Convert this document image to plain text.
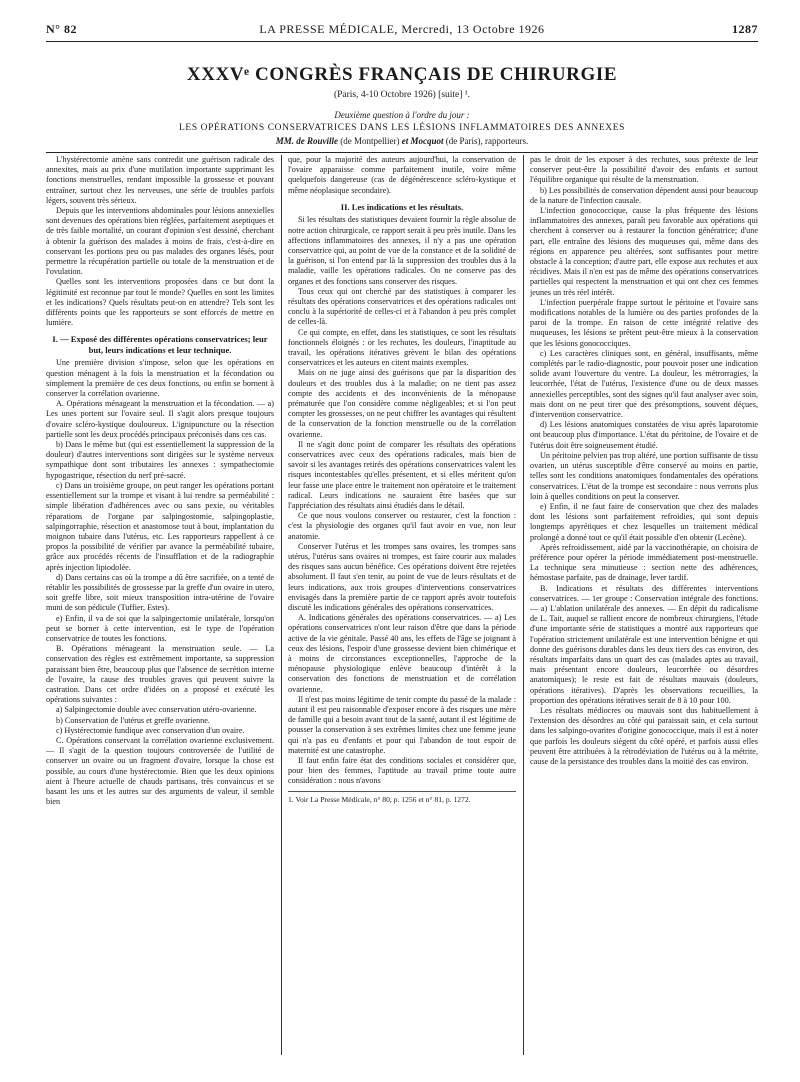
N° 82	LA PRESSE MÉDICALE, Mercredi, 13 Octobre 1926	1287
XXXVᵉ CONGRÈS FRANÇAIS DE CHIRURGIE
(Paris, 4-10 Octobre 1926) [suite] ¹.
Deuxième question à l'ordre du jour :
LES OPÉRATIONS CONSERVATRICES DANS LES LÉSIONS INFLAMMATOIRES DES ANNEXES
MM. de Rouville (de Montpellier) et Mocquot (de Paris), rapporteurs.

L'hystérectomie amène sans contredit une guérison radicale des annexites, mais au prix d'une mutilation importante supprimant les fonctions menstruelles, rendant impossible la grossesse et pouvant entraîner, surtout chez les nerveuses, une série de troubles parfois légers, souvent très sérieux.

Depuis que les interventions abdominales pour lésions annexielles sont devenues des opérations bien réglées, parfaitement aseptiques et de très faible mortalité, un courant d'opinion s'est dessiné, cherchant à obtenir la guérison des malades à moins de frais, c'est-à-dire en conservant les portions peu ou pas malades des organes lésés, pour permettre la récupération partielle ou totale de la menstruation et de l'ovulation.

Quelles sont les interventions proposées dans ce but dont la légitimité est reconnue par tout le monde? Quelles en sont les limites et les indications? Quels résultats peut-on en attendre? Tels sont les différents points que les rapporteurs se sont efforcés de mettre en lumière.

I. — Exposé des différentes opérations conservatrices; leur but, leurs indications et leur technique.

Une première division s'impose, selon que les opérations en question ménagent à la fois la menstruation et la fécondation ou simplement la première de ces deux fonctions, ou enfin se bornent à conserver la corrélation ovarienne.

A. Opérations ménageant la menstruation et la fécondation. — a) Les unes portent sur l'ovaire seul. Il s'agit alors presque toujours d'ovaire scléro-kystique douloureux. L'ignipuncture ou la résection partielle sont les deux procédés principaux préconisés dans ces cas.

b) Dans le même but (qui est essentiellement la suppression de la douleur) d'autres interventions sont dirigées sur le système nerveux sympathique dont sont tributaires les annexes : sympathectomie hypogastrique, résection du nerf pré-sacré.

c) Dans un troisième groupe, on peut ranger les opérations portant essentiellement sur la trompe et visant à lui rendre sa perméabilité : simple libération d'adhérences avec ou sans pexie, ou véritables réparations de l'organe par salpingostomie, salpingoplastie, salpingorraphie, résection et anastomose tout à bout, implantation du moignon tubaire dans l'utérus, etc. Les rapporteurs rappellent à ce propos la possibilité de vérifier par avance la perméabilité tubaire, grâce aux procédés récents de l'insufflation et de la radiographie après injection lipiodolée.

d) Dans certains cas où la trompe a dû être sacrifiée, on a tenté de rétablir les possibilités de grossesse par la greffe d'un ovaire in utero, soit greffe libre, soit mieux transposition intra-utérine de l'ovaire muni de son pédicule (Tuffier, Estes).

e) Enfin, il va de soi que la salpingectomie unilatérale, lorsqu'on peut se borner à cette intervention, est le type de l'opération conservatrice de toutes les fonctions.

B. Opérations ménageant la menstruation seule. — La conservation des règles est extrêmement importante, sa suppression paraissant bien être, beaucoup plus que l'absence de secrétion interne de l'ovaire, la cause des troubles graves qui peuvent suivre la castration. Dans cet ordre d'idées on a proposé et exécuté les opérations suivantes :

a) Salpingectomie double avec conservation utéro-ovarienne.

b) Conservation de l'utérus et greffe ovarienne.

c) Hystérectomie fundique avec conservation d'un ovaire.

C. Opérations conservant la corrélation ovarienne exclusivement. — Il s'agit de la question toujours controversée de l'utilité de conserver un ovaire ou un fragment d'ovaire, lorsque la chose est possible, au cours d'une hystérectomie. Bien que les deux opinions aient à l'heure actuelle de chauds partisans, très convaincus et se basant les uns et les autres sur des arguments de valeur, il semble bien

que, pour la majorité des auteurs aujourd'hui, la conservation de l'ovaire apparaisse comme parfaitement inutile, voire même quelquefois dangereuse (cas de dégénérescence scléro-kystique et même néoplasique secondaire).

II. Les indications et les résultats.

Si les résultats des statistiques devaient fournir la règle absolue de notre action chirurgicale, ce rapport serait à peu près inutile. Dans les affections inflammatoires des annexes, il n'y a pas une opération conservatrice qui, au point de vue de la constance et de la solidité de la guérison, si l'on entend par là la suppression des troubles dus à la maladie, vaille les opérations radicales. On ne conserve pas des organes et des fonctions sans conserver des risques.

Tous ceux qui ont cherché par des statistiques à comparer les résultats des opérations conservatrices et des opérations radicales ont conclu à la supériorité de celles-ci et à l'abandon à peu près complet de celles-là.

Ce qui compte, en effet, dans les statistiques, ce sont les résultats fonctionnels éloignés : or les rechutes, les douleurs, l'inaptitude au travail, les opérations itératives grèvent le bilan des opérations conservatrices et les auteurs en citent maints exemples.

Mais on ne juge ainsi des guérisons que par la disparition des douleurs et des troubles dus à la maladie; on ne tient pas assez compte des accidents et des inconvénients de la ménopause prématurée que l'on considère comme négligeables; et si l'on peut compter les grossesses, on ne peut chiffrer les avantages qui résultent de la conservation de la fonction menstruelle ou de la corrélation ovarienne.

Il ne s'agit donc point de comparer les résultats des opérations conservatrices avec ceux des opérations radicales, mais bien de savoir si les avantages retirés des opérations conservatrices valent les risques incontestables qu'elles présentent, et si elles méritent qu'on leur fasse une place entre le traitement non opératoire et le traitement radical. Leurs indications ne sauraient être basées que sur l'appréciation des résultats ainsi étudiés dans le détail.

Ce que nous voulons conserver ou restaurer, c'est la fonction : c'est la physiologie des organes qu'il faut avoir en vue, non leur anatomie.

Conserver l'utérus et les trompes sans ovaires, les trompes sans utérus, l'utérus sans ovaires ni trompes, est faire courir aux malades des risques sans aucun bénéfice. Ces opérations doivent être rejetées absolument. Il faut s'en tenir, au point de vue de leurs résultats et de leurs indications, aux trois groupes d'interventions conservatrices envisagés dans la première partie de ce rapport après avoir toutefois discuté les indications générales des opérations conservatrices.

A. Indications générales des opérations conservatrices. — a) Les opérations conservatrices n'ont leur raison d'être que dans la période active de la vie génitale. Passé 40 ans, les effets de l'âge se joignant à ceux des lésions, l'espoir d'une grossesse devient bien chimérique et à moins de circonstances exceptionnelles, l'approche de la ménopause physiologique enlève beaucoup d'intérêt à la conservation des fonctions de menstruation et de corrélation ovarienne.

Il n'est pas moins légitime de tenir compte du passé de la malade : autant il est peu raisonnable d'exposer encore à des risques une mère de famille qui a besoin avant tout de la santé, autant il est légitime de pousser la conservation à ses extrêmes limites chez une femme jeune qui n'a pas eu d'enfants et pour qui l'abandon de tout espoir de maternité est une catastrophe.

Il faut enfin faire état des conditions sociales et considérer que, pour bien des femmes, l'aptitude au travail prime toute autre considération : nous n'avons

1. Voir La Presse Médicale, n° 80, p. 1256 et n° 81, p. 1272.

pas le droit de les exposer à des rechutes, sous prétexte de leur conserver peut-être la possibilité d'avoir des enfants et surtout l'équilibre organique qui résulte de la menstruation.

b) Les possibilités de conservation dépendent aussi pour beaucoup de la nature de l'infection causale.

L'infection gonococcique, cause la plus fréquente des lésions inflammatoires des annexes, paraît peu favorable aux opérations qui cherchent à conserver ou à restaurer la fonction génératrice; d'une part, elle entraîne des lésions des muqueuses qui, même dans des régions en apparence peu altérées, sont suffisantes pour mettre obstacle à la conception; d'autre part, elle expose aux rechutes et aux récidives. Mais il n'en est pas de même des opérations conservatrices partielles qui respectent la menstruation et qui ont chez ces femmes jeunes un très réel intérêt.

L'infection puerpérale frappe surtout le péritoine et l'ovaire sans modifications notables de la lumière ou des parties profondes de la paroi de la trompe. En raison de cette intégrité relative des muqueuses, les lésions se prêtent peut-être mieux à la conservation que les lésions gonococciques.

c) Les caractères cliniques sont, en général, insuffisants, même complétés par le radio-diagnostic, pour pouvoir poser une indication solide avant l'ouverture du ventre. La douleur, les métrorragies, la leucorrhée, l'état de l'utérus, l'existence d'une ou de deux masses annexielles perceptibles, sont des signes qu'il faut analyser avec soin, mais dont on ne peut tirer que des présomptions, souvent déçues, d'intervention conservatrice.

d) Les lésions anatomiques constatées de visu après laparotomie ont beaucoup plus d'importance. L'état du péritoine, de l'ovaire et de l'utérus doit être soigneusement étudié.

Un péritoine pelvien pas trop altéré, une portion suffisante de tissu ovarien, un utérus susceptible d'être conservé au moins en partie, telles sont les conditions anatomiques fondamentales des opérations conservatrices. L'état de la trompe est secondaire : nous verrons plus loin à quelles conditions on peut la conserver.

e) Enfin, il ne faut faire de conservation que chez des malades dont les lésions sont parfaitement refroidies, qui sont depuis longtemps apyrétiques et chez lesquelles un traitement médical prolongé a donné tout ce qu'il était possible d'en obtenir (Lecène).

Après refroidissement, aidé par la vaccinothérapie, on choisira de préférence pour opérer la période immédiatement post-menstruelle. La technique sera minutieuse : section nette des adhérences, hémostase parfaite, pas de drainage, lever tardif.

B. Indications et résultats des différentes interventions conservatrices. — 1er groupe : Conservation intégrale des fonctions. — a) L'ablation unilatérale des annexes. — En dépit du radicalisme de L. Tait, auquel se rallient encore de nombreux chirurgiens, l'étude d'une importante série de statistiques a montré aux rapporteurs que l'opération strictement unilatérale est une intervention bénigne et qui donne des guérisons durables dans les deux tiers des cas environ, des résultats imparfaits dans un quart des cas (malades aptes au travail, mais présentant encore douleurs, leucorrhée ou désordres anatomiques); le reste est fait de résultats mauvais (douleurs, opérations itératives). D'après les observations recueillies, la proportion des opérations itératives serait de 8 à 10 pour 100.

Les résultats médiocres ou mauvais sont dus habituellement à l'extension des désordres au côté qui paraissait sain, et cela surtout dans les salpingo-ovarites d'origine gonococcique, mais il est à noter que parfois les douleurs siègent du côté opéré, et parfois aussi elles peuvent être attribuées à la rétrodéviation de l'utérus ou à la métrite, cause de la persistance des troubles dans la moitié des cas environ.
